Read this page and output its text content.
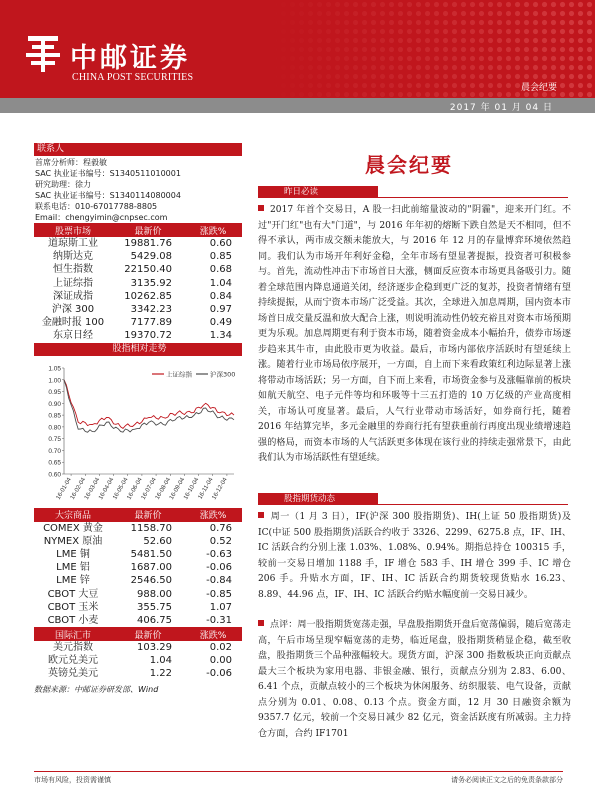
中邮证券
CHINA POST SECURITIES
晨会纪要
2017 年 01 月 04 日
联系人
首席分析师：程毅敏
SAC 执业证书编号：S1340511010001
研究助理：徐力
SAC 执业证书编号：S1340114080004
联系电话：010-67017788-8805
Email：chengyimin@cnpsec.com
股票市场	最新价	涨跌%
道琼斯工业	19881.76	0.60
纳斯达克	5429.08	0.85
恒生指数	22150.40	0.68
上证综指	3135.92	1.04
深证成指	10262.85	0.84
沪深 300	3342.23	0.97
金融时报 100	7177.89	0.49
东京日经	19370.72	1.34
股指相对走势
1.05
1.00
0.95
0.90
0.85
0.80
0.75
0.70
0.65
0.60
16-01-04
16-02-04
16-03-04
16-04-04
16-05-04
16-06-04
16-07-04
16-08-04
16-09-04
16-10-04
16-11-04
16-12-04
上证综指	沪深300
大宗商品	最新价	涨跌%
COMEX 黄金	1158.70	0.76
NYMEX 原油	52.60	0.52
LME 铜	5481.50	-0.63
LME 铝	1687.00	-0.06
LME 锌	2546.50	-0.84
CBOT 大豆	988.00	-0.85
CBOT 玉米	355.75	1.07
CBOT 小麦	406.75	-0.31
国际汇市	最新价	涨跌%
美元指数	103.29	0.02
欧元兑美元	1.04	0.00
英镑兑美元	1.22	-0.06
数据来源：中邮证券研发部、Wind
晨会纪要
昨日必读
2017 年首个交易日，A 股一扫此前缩量波动的"阴霾"，迎来开门红。不过"开门红"也有大"门道"，与 2016 年年初的熔断下跌自然是天不相同，但不得不承认，两市成交额未能放大，与 2016 年 12 月的存量博弈环境依然趋同。我们认为市场开年利好金稳，全年市场有望显著提振，投资者可积极参与。首先，流动性冲击下市场首日大涨，侧面反应资本市场更具备吸引力。随着全球范围内降息通道关闭，经济逐步企稳到更广泛的复苏，投资者情绪有望持续提振，从而宁资本市场广泛受益。其次，全球进入加息周期，国内资本市场首日成交量反温和放大配合上涨，则说明流动性仍较充裕且对资本市场预期更为乐观。加息周期更有利于资本市场，随着资金成本小幅抬升，债券市场逐步趋来其牛市，由此股市更为收益。最后，市场内部依序活跃时有望延续上涨。随着行业市场局依序展开，一方面，自上而下来看政策红利边际显著上涨将带动市场活跃；另一方面，自下而上来看，市场资金参与及涨幅靠前的板块如航天航空、电子元件等均和环吸等十三五打造的 10 万亿级的产业高度相关，市场认可度显著。最后，人气行业带动市场活好，如券商行托，随着 2016 年结算完毕，多元金融里的券商行托有望获重前行再度出现业绩增速趋强的格局，而资本市场的人气活跃更多体现在该行业的持续走强常景下，由此我们认为市场活跃性有望延续。
股指期货动态
周一（1 月 3 日），IF(沪深 300 股指期货)、IH(上证 50 股指期货)及 IC(中证 500 股指期货)活跃合约收于 3326、2299、6275.8 点，IF、IH、IC 活跃合约分别上涨 1.03%、1.08%、0.94%。期指总持仓 100315 手，较前一交易日增加 1188 手，IF 增仓 583 手、IH 增仓 399 手、IC 增仓 206 手。升贴水方面，IF、IH、IC 活跃合约期货较现货贴水 16.23、8.89、44.96 点，IF、IH、IC 活跃合约贴水幅度前一交易日减少。
点评：周一股指期货宽荡走强，早盘股指期货开盘后宽荡偏弱，随后宽荡走高，午后市场呈现窄幅宽荡的走势，临近尾盘，股指期货稍显企稳，截至收盘，股指期货三个品种涨幅较大。现货方面，沪深 300 指数板块正向贡献点最大三个板块为家用电器、非银金融、银行，贡献点分别为 2.83、6.00、6.41 个点，贡献点较小的三个板块为休闲服务、纺织服装、电气设备，贡献点分别为 0.01、0.08、0.13 个点。资金方面，12 月 30 日融资余额为 9357.7 亿元，较前一个交易日减少 82 亿元，资金活跃度有所减弱。主力持仓方面，合约 IF1701
市场有风险，投资需谨慎	请务必阅读正文之后的免责条款部分
